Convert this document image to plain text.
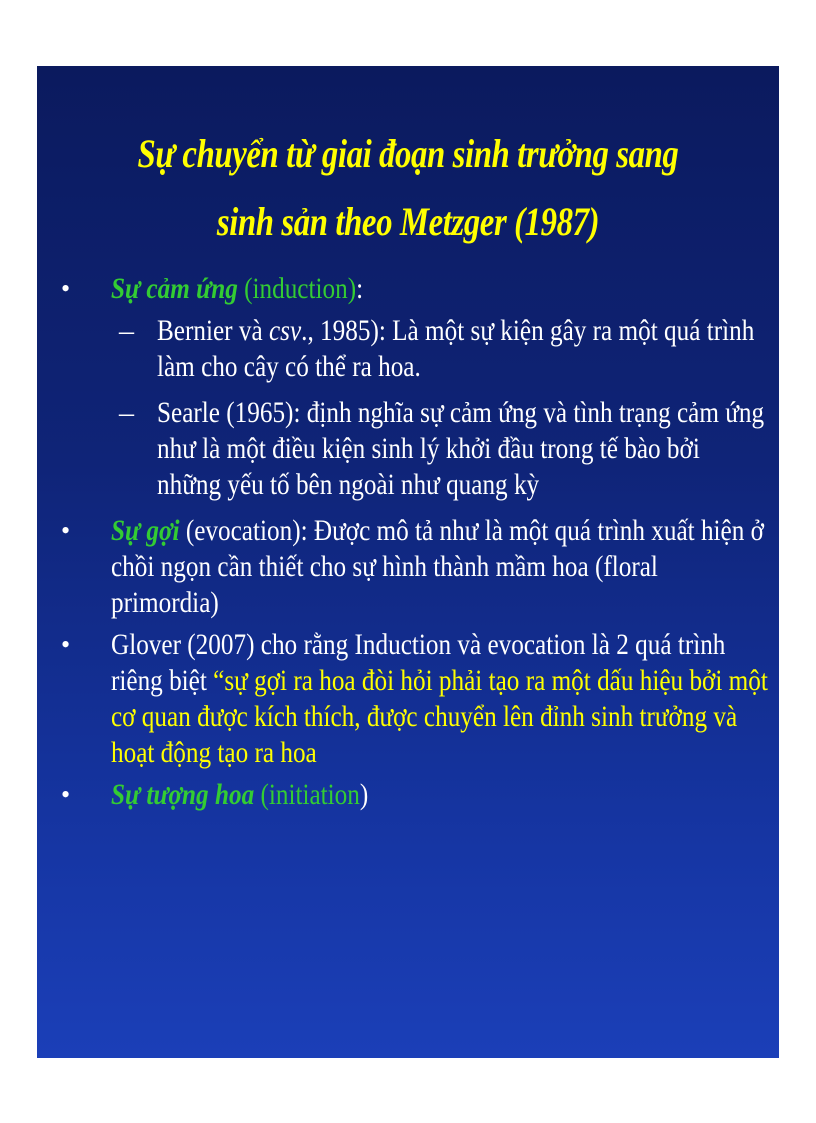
Sự chuyển từ giai đoạn sinh trưởng sang
sinh sản theo Metzger (1987)
• Sự cảm ứng (induction):
– Bernier và csv., 1985): Là một sự kiện gây ra một quá trình làm cho cây có thể ra hoa.
– Searle (1965): định nghĩa sự cảm ứng và tình trạng cảm ứng như là một điều kiện sinh lý khởi đầu trong tế bào bởi những yếu tố bên ngoài như quang kỳ
• Sự gợi (evocation): Được mô tả như là một quá trình xuất hiện ở chồi ngọn cần thiết cho sự hình thành mầm hoa (floral primordia)
• Glover (2007) cho rằng Induction và evocation là 2 quá trình riêng biệt “sự gợi ra hoa đòi hỏi phải tạo ra một dấu hiệu bởi một cơ quan được kích thích, được chuyển lên đỉnh sinh trưởng và hoạt động tạo ra hoa
• Sự tượng hoa (initiation)
